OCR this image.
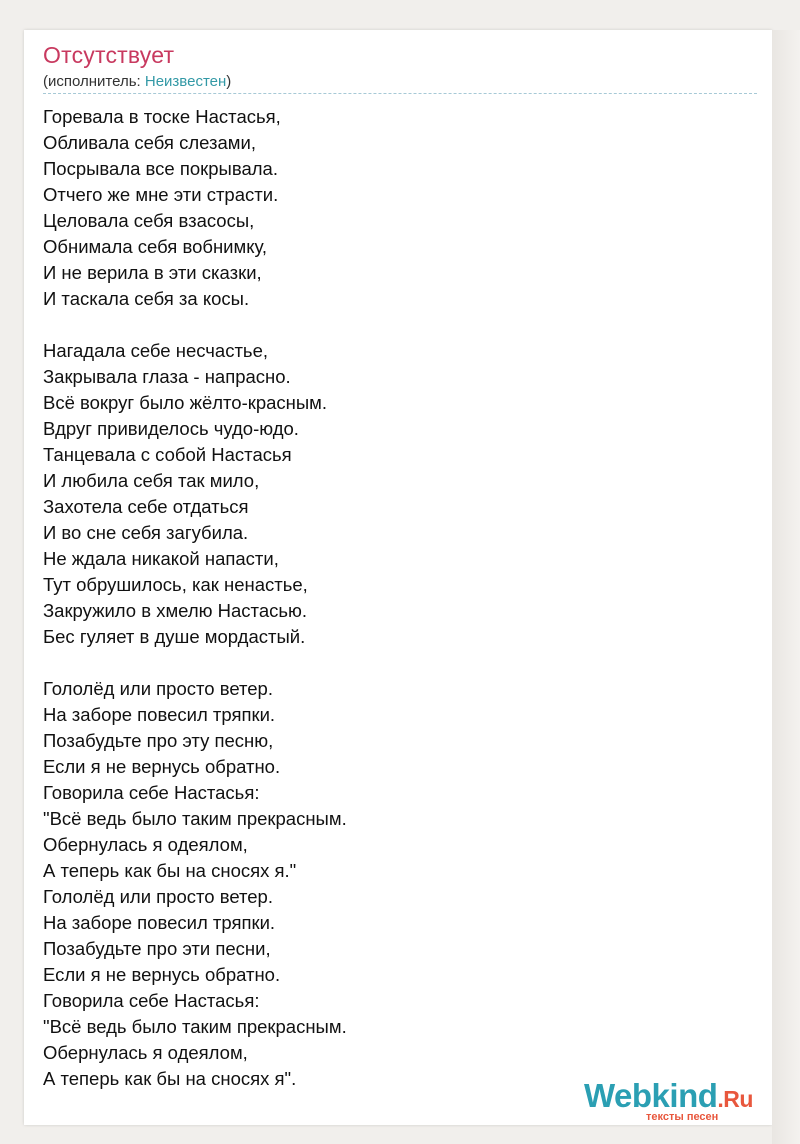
Отсутствует
(исполнитель: Неизвестен)
Горевала в тоске Настасья,
Обливала себя слезами,
Посрывала все покрывала.
Отчего же мне эти страсти.
Целовала себя взасосы,
Обнимала себя вобнимку,
И не верила в эти сказки,
И таскала себя за косы.
Нагадала себе несчастье,
Закрывала глаза - напрасно.
Всё вокруг было жёлто-красным.
Вдруг привиделось чудо-юдо.
Танцевала с собой Настасья
И любила себя так мило,
Захотела себе отдаться
И во сне себя загубила.
Не ждала никакой напасти,
Тут обрушилось, как ненастье,
Закружило в хмелю Настасью.
Бес гуляет в душе мордастый.
Гололёд или просто ветер.
На заборе повесил тряпки.
Позабудьте про эту песню,
Если я не вернусь обратно.
Говорила себе Настасья:
"Всё ведь было таким прекрасным.
Обернулась я одеялом,
А теперь как бы на сносях я."
Гололёд или просто ветер.
На заборе повесил тряпки.
Позабудьте про эти песни,
Если я не вернусь обратно.
Говорила себе Настасья:
"Всё ведь было таким прекрасным.
Обернулась я одеялом,
А теперь как бы на сносях я".	Webkind.Ru
тексты песен
